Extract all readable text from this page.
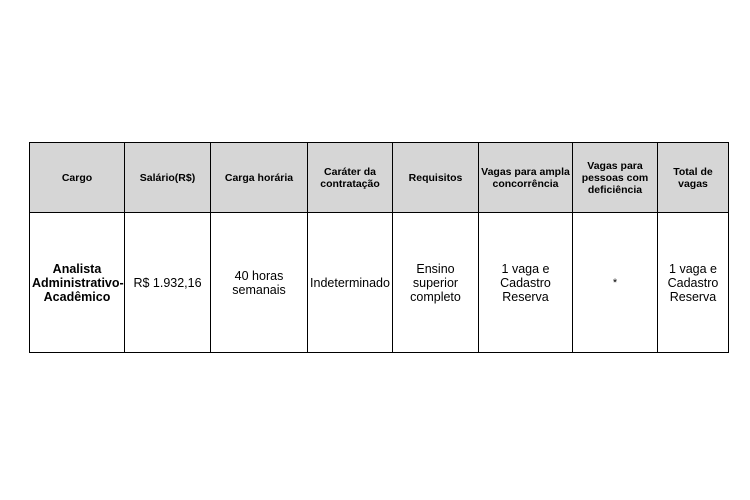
Cargo	Salário(R$)	Carga horária	Caráter da contratação	Requisitos	Vagas para ampla concorrência	Vagas para pessoas com deficiência	Total de vagas
Analista Administrativo-Acadêmico	R$ 1.932,16	40 horas semanais	Indeterminado	Ensino superior completo	1 vaga e Cadastro Reserva	*	1 vaga e Cadastro Reserva
